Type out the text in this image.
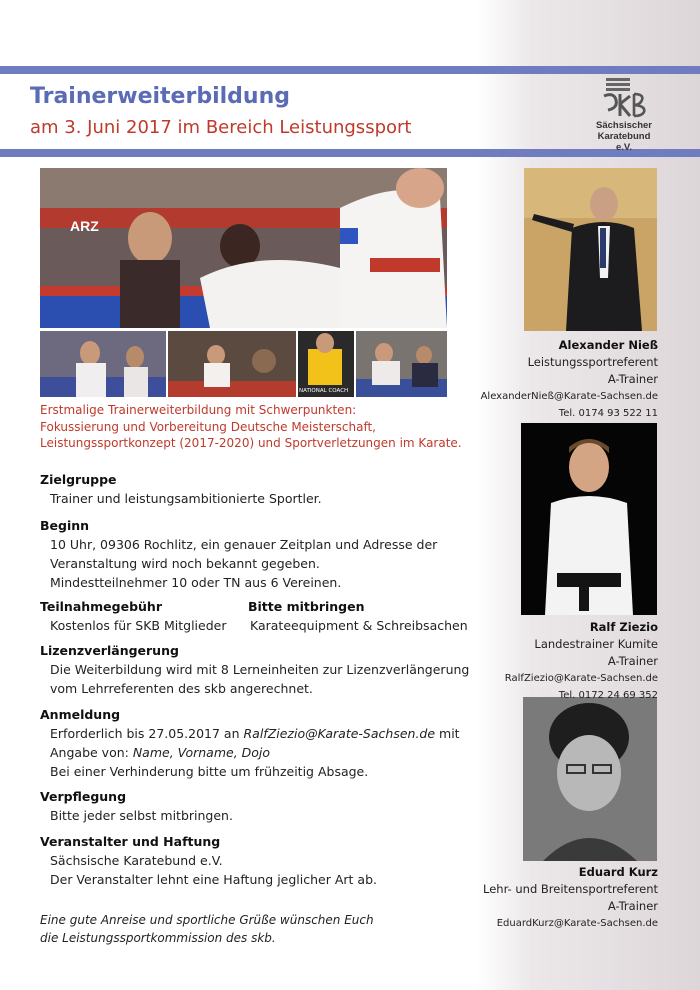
Trainerweiterbildung
am 3. Juni 2017 im Bereich Leistungssport	Sächsischer
Karatebund e.V.
ARZ
NATIONAL COACH
Erstmalige Trainerweiterbildung mit Schwerpunkten:
Fokussierung und Vorbereitung Deutsche Meisterschaft,
Leistungssportkonzept (2017-2020) und Sportverletzungen im Karate.
Zielgruppe

Trainer und leistungsambitionierte Sportler.

Beginn

10 Uhr, 09306 Rochlitz, ein genauer Zeitplan und Adresse der

Veranstaltung wird noch bekannt gegeben.

Mindestteilnehmer 10 oder TN aus 6 Vereinen.

Teilnahmegebühr

Kostenlos für SKB Mitglieder

Bitte mitbringen

Karateequipment & Schreibsachen

Lizenzverlängerung

Die Weiterbildung wird mit 8 Lerneinheiten zur Lizenzverlängerung

vom Lehrreferenten des skb angerechnet.

Anmeldung

Erforderlich bis 27.05.2017 an RalfZiezio@Karate-Sachsen.de mit

Angabe von: Name, Vorname, Dojo

Bei einer Verhinderung bitte um frühzeitig Absage.

Verpflegung

Bitte jeder selbst mitbringen.

Veranstalter und Haftung

Sächsische Karatebund e.V.

Der Veranstalter lehnt eine Haftung jeglicher Art ab.

Eine gute Anreise und sportliche Grüße wünschen Euch
die Leistungssportkommission des skb.
Alexander Nieß
Leistungssportreferent
A-Trainer
AlexanderNieß@Karate-Sachsen.de
Tel. 0174 93 522 11
Ralf Ziezio
Landestrainer Kumite
A-Trainer
RalfZiezio@Karate-Sachsen.de
Tel. 0172 24 69 352
Eduard Kurz
Lehr- und Breitensportreferent
A-Trainer
EduardKurz@Karate-Sachsen.de
